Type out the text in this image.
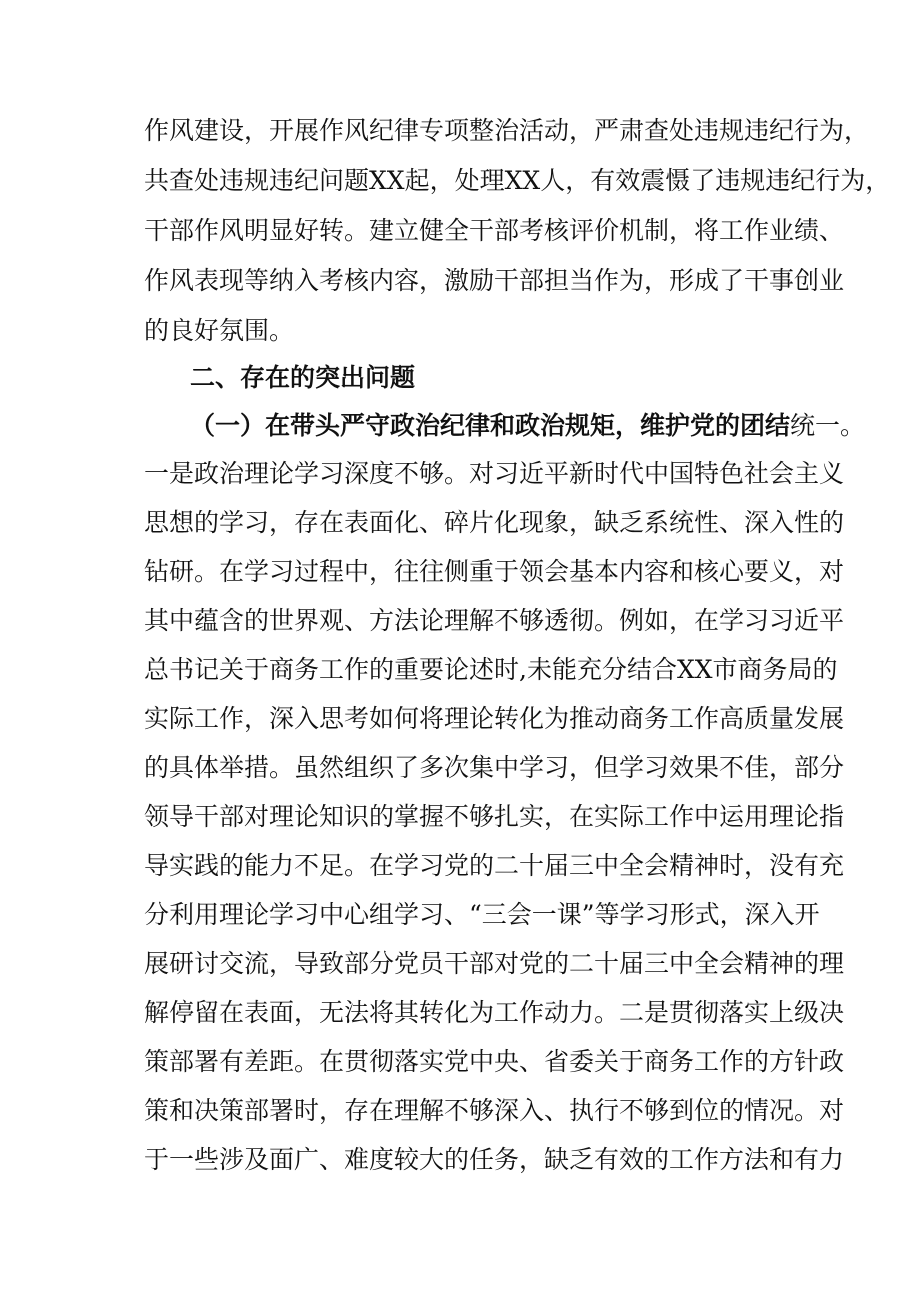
作风建设，开展作风纪律专项整治活动，严肃查处违规违纪行为，
共查处违规违纪问题XX起，处理XX人，有效震慑了违规违纪行为，
干部作风明显好转。建立健全干部考核评价机制，将工作业绩、
作风表现等纳入考核内容，激励干部担当作为，形成了干事创业
的良好氛围。
二、存在的突出问题
（一）在带头严守政治纪律和政治规矩，维护党的团结统一。
一是政治理论学习深度不够。对习近平新时代中国特色社会主义
思想的学习，存在表面化、碎片化现象，缺乏系统性、深入性的
钻研。在学习过程中，往往侧重于领会基本内容和核心要义，对
其中蕴含的世界观、方法论理解不够透彻。例如，在学习习近平
总书记关于商务工作的重要论述时,未能充分结合XX市商务局的
实际工作，深入思考如何将理论转化为推动商务工作高质量发展
的具体举措。虽然组织了多次集中学习，但学习效果不佳，部分
领导干部对理论知识的掌握不够扎实，在实际工作中运用理论指
导实践的能力不足。在学习党的二十届三中全会精神时，没有充
分利用理论学习中心组学习、“三会一课”等学习形式，深入开
展研讨交流，导致部分党员干部对党的二十届三中全会精神的理
解停留在表面，无法将其转化为工作动力。二是贯彻落实上级决
策部署有差距。在贯彻落实党中央、省委关于商务工作的方针政
策和决策部署时，存在理解不够深入、执行不够到位的情况。对
于一些涉及面广、难度较大的任务，缺乏有效的工作方法和有力
